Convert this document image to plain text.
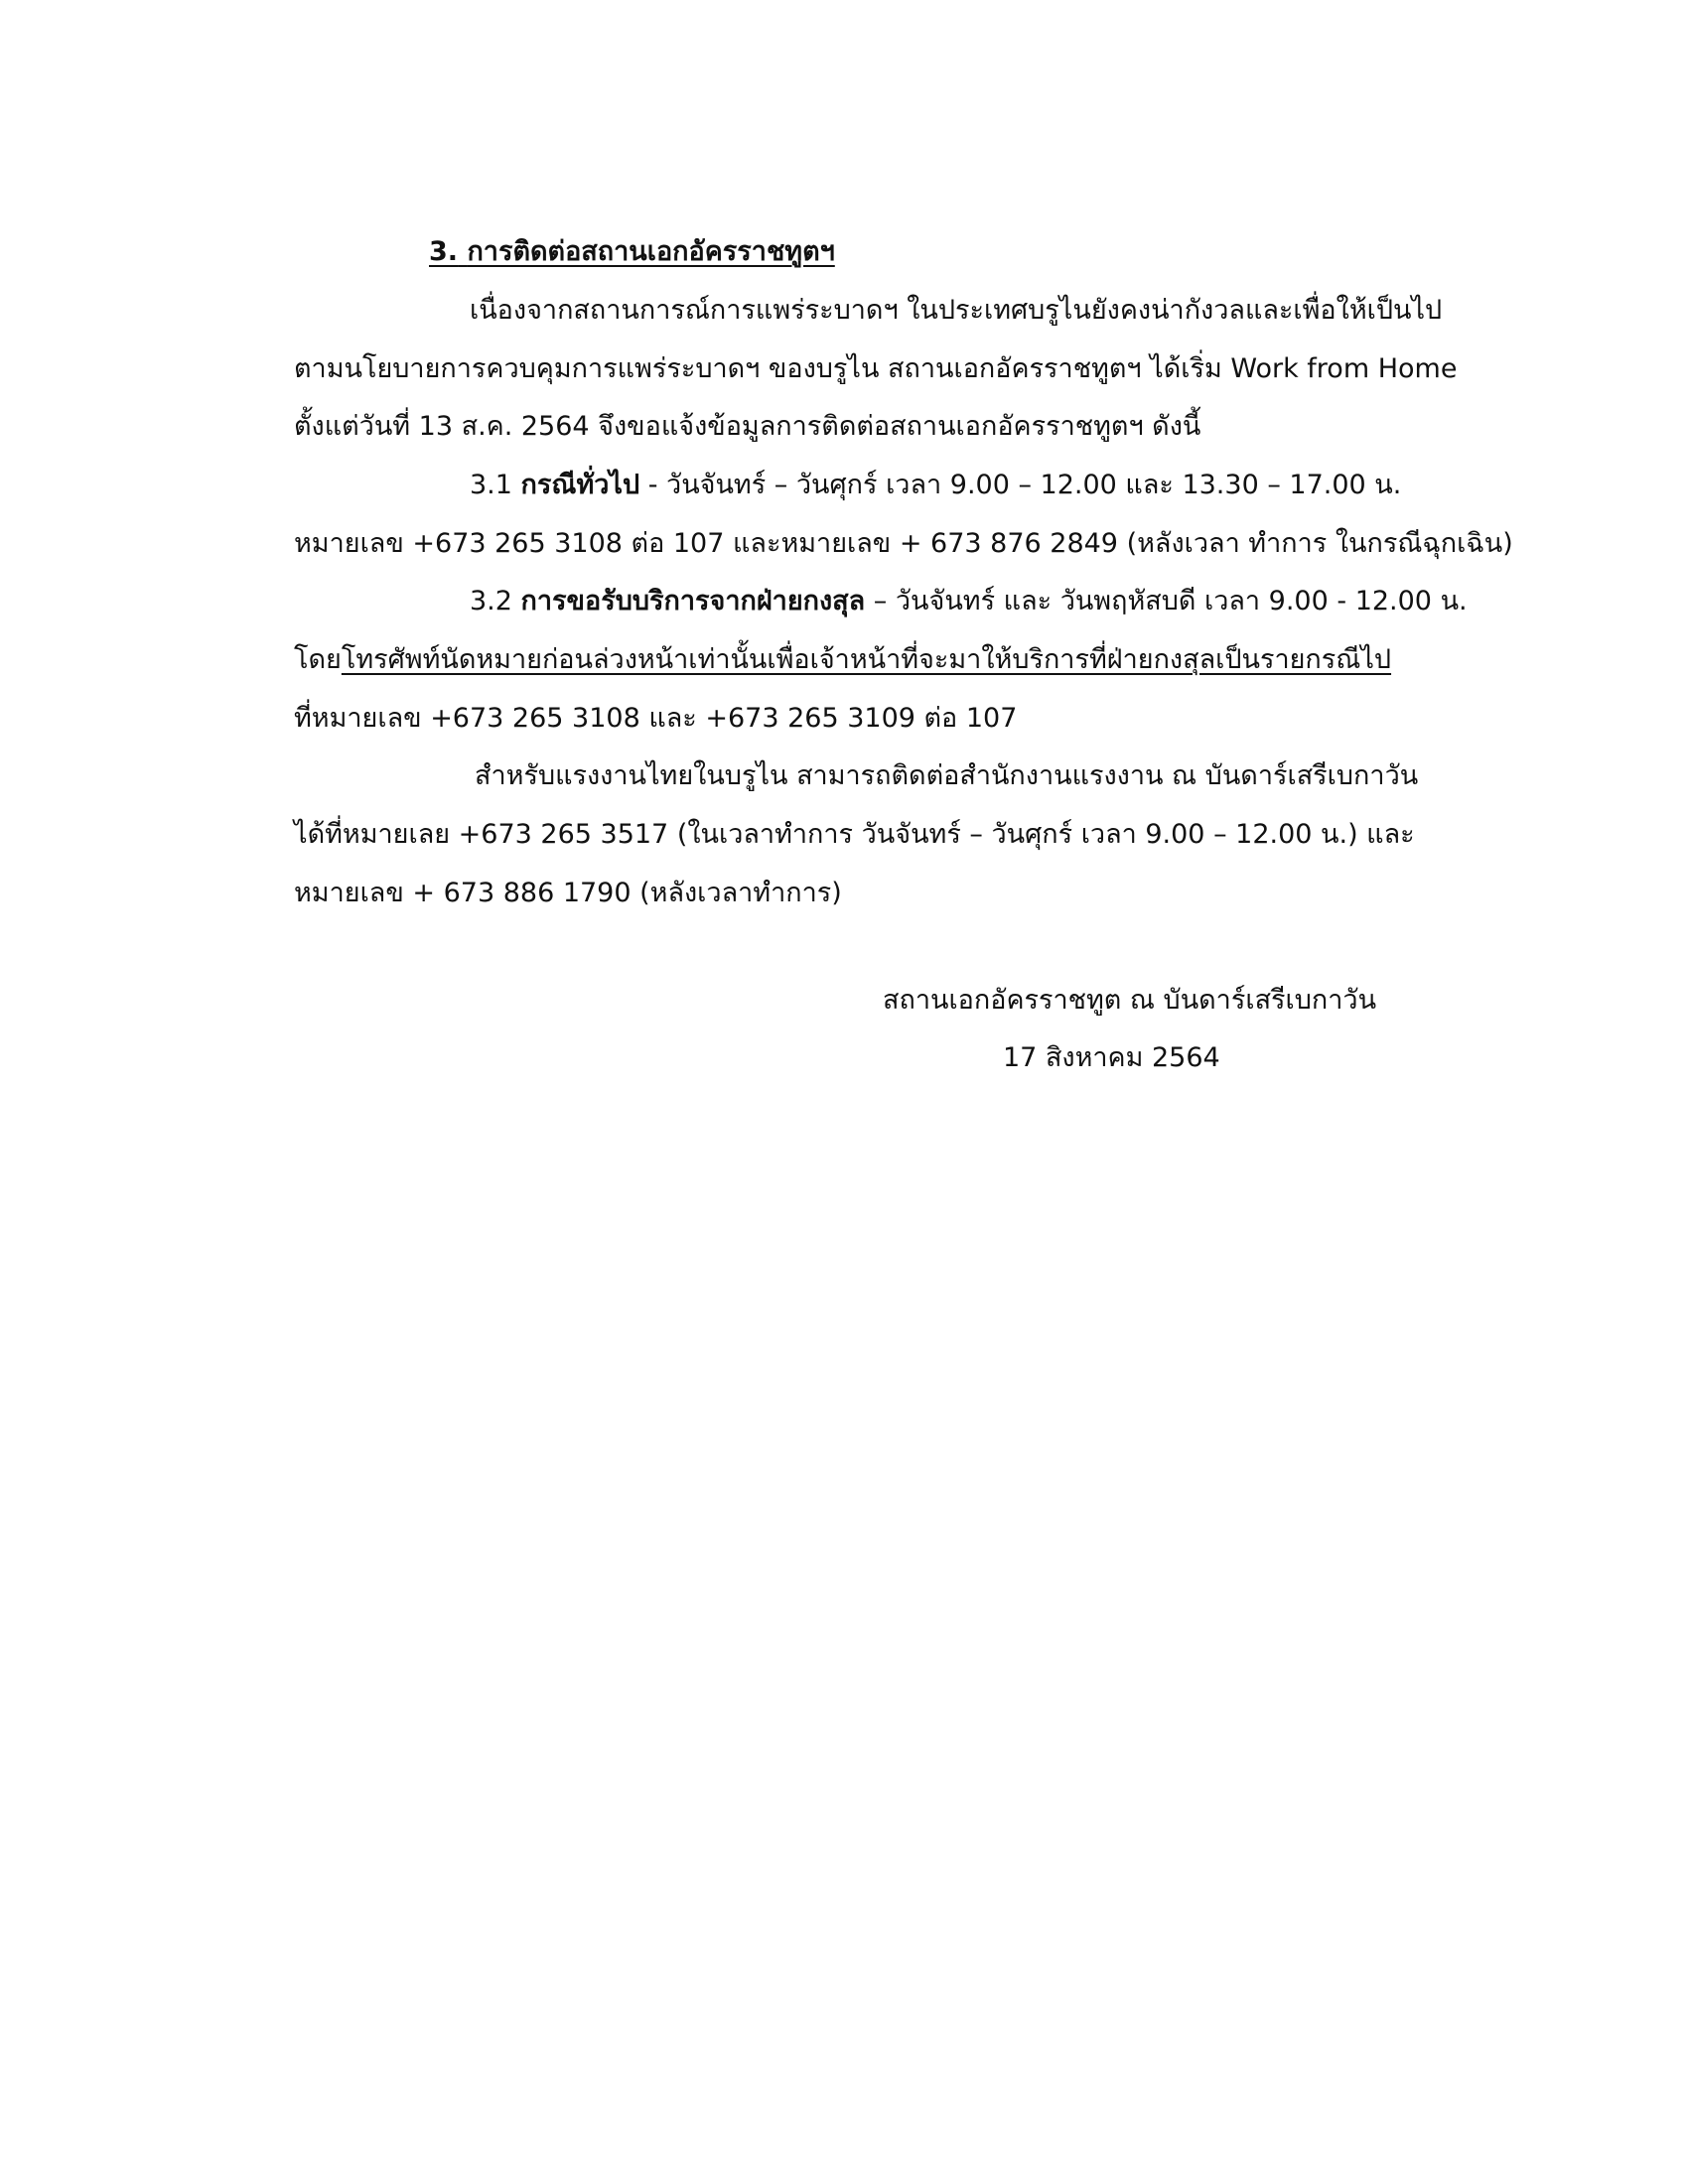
3. การติดต่อสถานเอกอัครราชทูตฯ
เนื่องจากสถานการณ์การแพร่ระบาดฯ ในประเทศบรูไนยังคงน่ากังวลและเพื่อให้เป็นไป
ตามนโยบายการควบคุมการแพร่ระบาดฯ ของบรูไน สถานเอกอัครราชทูตฯ ได้เริ่ม Work from Home
ตั้งแต่วันที่ 13 ส.ค. 2564 จึงขอแจ้งข้อมูลการติดต่อสถานเอกอัครราชทูตฯ ดังนี้
3.1 กรณีทั่วไป - วันจันทร์ – วันศุกร์ เวลา 9.00 – 12.00 และ 13.30 – 17.00 น.
หมายเลข +673 265 3108 ต่อ 107 และหมายเลข + 673 876 2849 (หลังเวลา ทำการ ในกรณีฉุกเฉิน)
3.2 การขอรับบริการจากฝ่ายกงสุล – วันจันทร์ และ วันพฤหัสบดี เวลา 9.00 - 12.00 น.
โดยโทรศัพท์นัดหมายก่อนล่วงหน้าเท่านั้นเพื่อเจ้าหน้าที่จะมาให้บริการที่ฝ่ายกงสุลเป็นรายกรณีไป
ที่หมายเลข +673 265 3108 และ +673 265 3109 ต่อ 107
สำหรับแรงงานไทยในบรูไน สามารถติดต่อสำนักงานแรงงาน ณ บันดาร์เสรีเบกาวัน
ได้ที่หมายเลย +673 265 3517 (ในเวลาทำการ วันจันทร์ – วันศุกร์ เวลา 9.00 – 12.00 น.) และ
หมายเลข + 673 886 1790 (หลังเวลาทำการ)
สถานเอกอัครราชทูต ณ บันดาร์เสรีเบกาวัน
17 สิงหาคม 2564
